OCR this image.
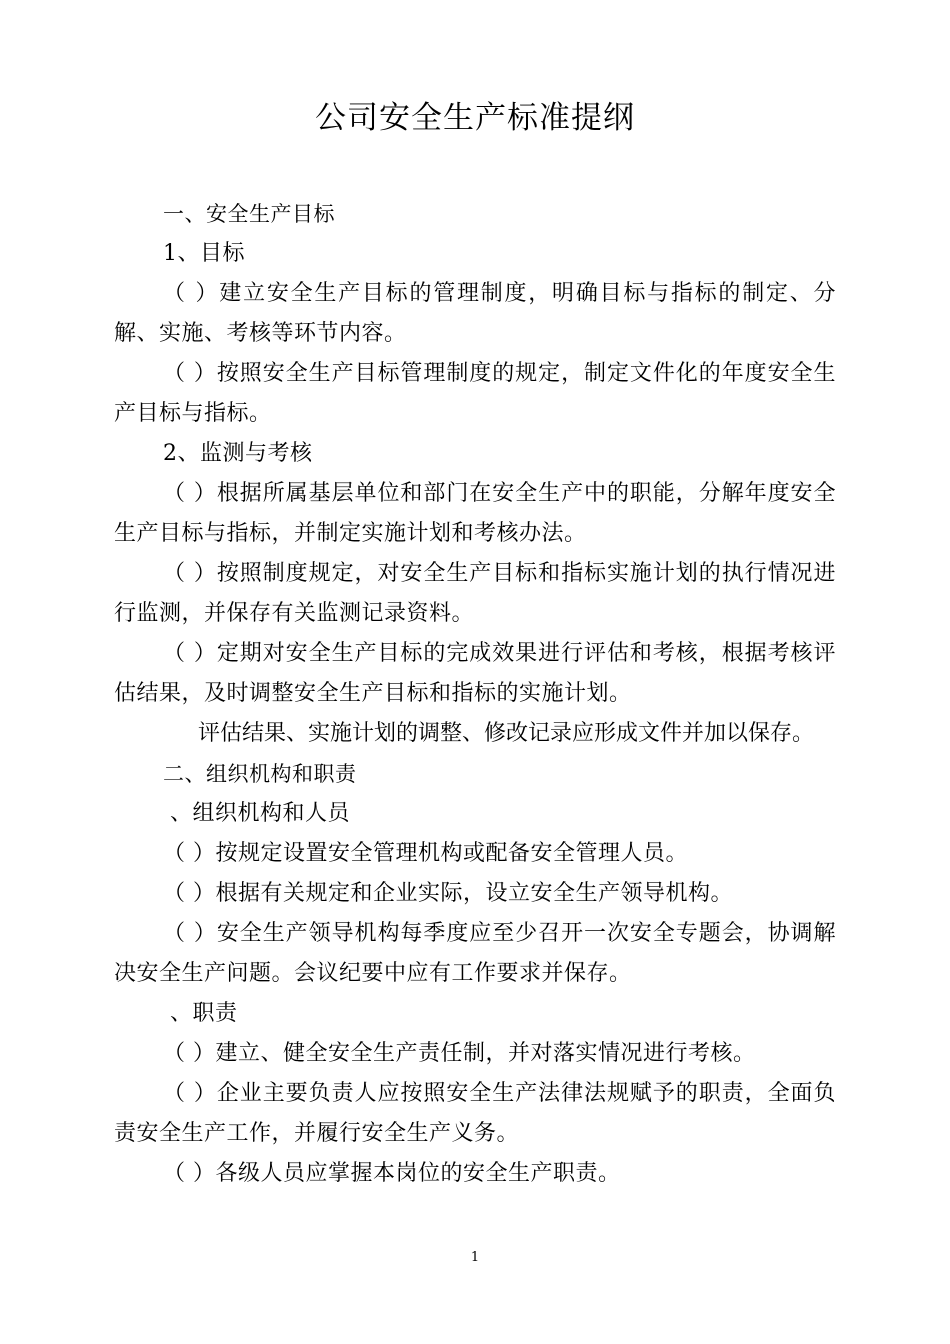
公司安全生产标准提纲

一、安全生产目标

1、目标

（ ）建立安全生产目标的管理制度，明确目标与指标的制定、分解、实施、考核等环节内容。

（ ）按照安全生产目标管理制度的规定，制定文件化的年度安全生产目标与指标。

2、监测与考核

（ ）根据所属基层单位和部门在安全生产中的职能，分解年度安全生产目标与指标，并制定实施计划和考核办法。

（ ）按照制度规定，对安全生产目标和指标实施计划的执行情况进行监测，并保存有关监测记录资料。

（ ）定期对安全生产目标的完成效果进行评估和考核，根据考核评估结果，及时调整安全生产目标和指标的实施计划。

评估结果、实施计划的调整、修改记录应形成文件并加以保存。

二、组织机构和职责

、组织机构和人员

（ ）按规定设置安全管理机构或配备安全管理人员。

（ ）根据有关规定和企业实际，设立安全生产领导机构。

（ ）安全生产领导机构每季度应至少召开一次安全专题会，协调解决安全生产问题。会议纪要中应有工作要求并保存。

、职责

（ ）建立、健全安全生产责任制，并对落实情况进行考核。

（ ）企业主要负责人应按照安全生产法律法规赋予的职责，全面负责安全生产工作，并履行安全生产义务。

（ ）各级人员应掌握本岗位的安全生产职责。

1
